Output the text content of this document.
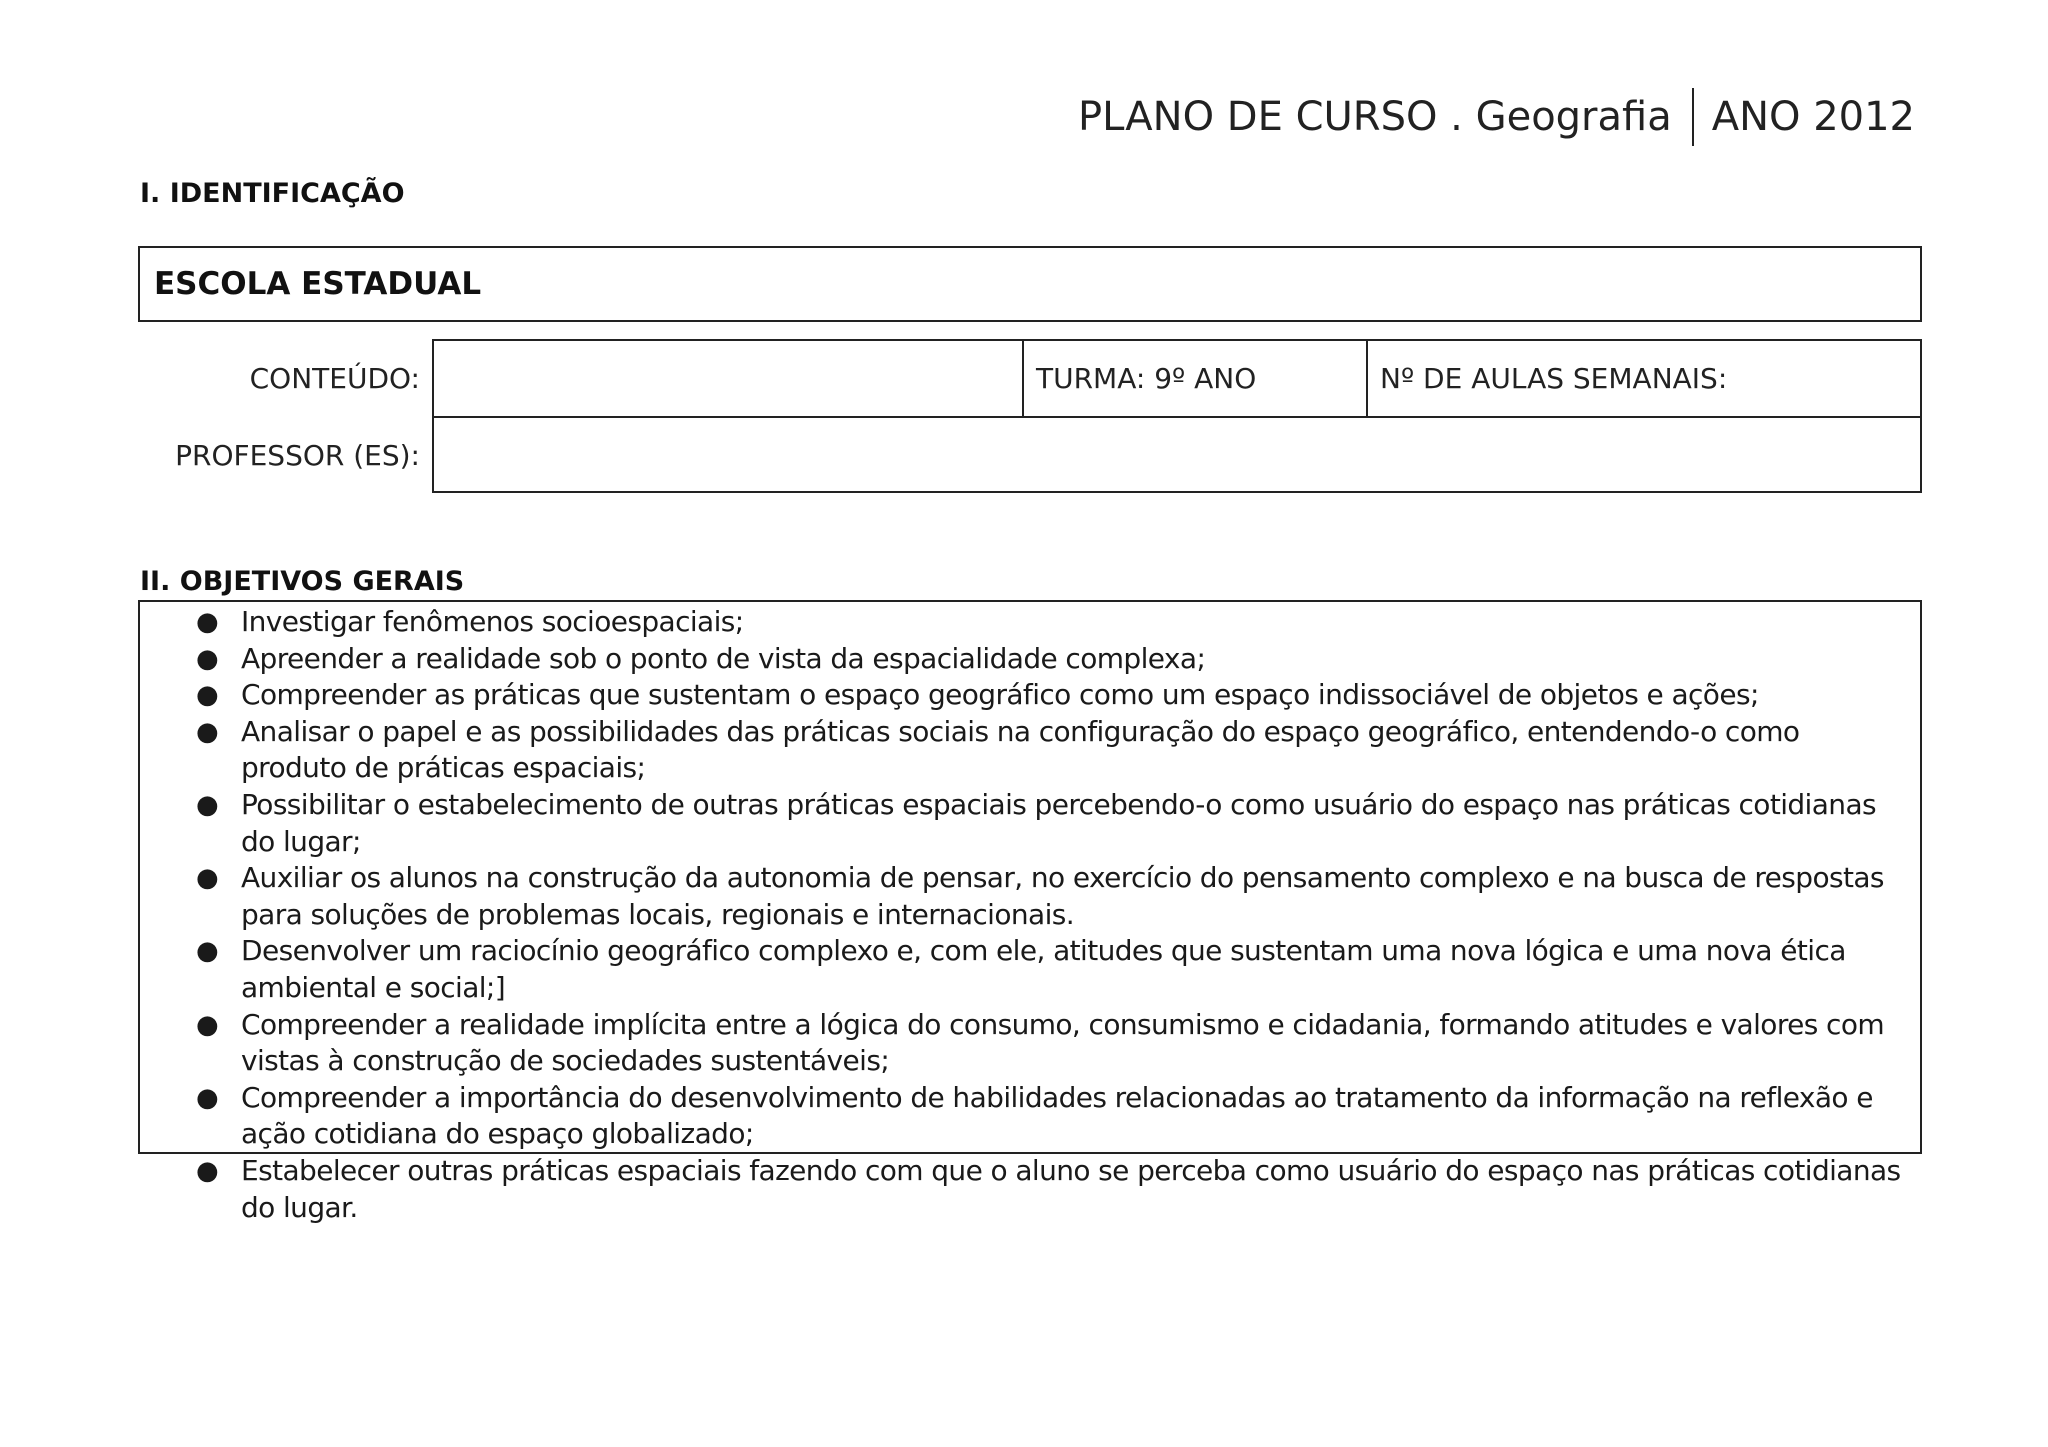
PLANO DE CURSO . Geografia ANO 2012
I. IDENTIFICAÇÃO
ESCOLA ESTADUAL
CONTEÚDO:
PROFESSOR (ES):
TURMA: 9º ANO	Nº DE AULAS SEMANAIS:
II. OBJETIVOS GERAIS
● Investigar fenômenos socioespaciais;
● Apreender a realidade sob o ponto de vista da espacialidade complexa;
● Compreender as práticas que sustentam o espaço geográfico como um espaço indissociável de objetos e ações;
● Analisar o papel e as possibilidades das práticas sociais na configuração do espaço geográfico, entendendo-o como produto de práticas espaciais;
● Possibilitar o estabelecimento de outras práticas espaciais percebendo-o como usuário do espaço nas práticas cotidianas do lugar;
● Auxiliar os alunos na construção da autonomia de pensar, no exercício do pensamento complexo e na busca de respostas para soluções de problemas locais, regionais e internacionais.
● Desenvolver um raciocínio geográfico complexo e, com ele, atitudes que sustentam uma nova lógica e uma nova ética ambiental e social;]
● Compreender a realidade implícita entre a lógica do consumo, consumismo e cidadania, formando atitudes e valores com vistas à construção de sociedades sustentáveis;
● Compreender a importância do desenvolvimento de habilidades relacionadas ao tratamento da informação na reflexão e ação cotidiana do espaço globalizado;
● Estabelecer outras práticas espaciais fazendo com que o aluno se perceba como usuário do espaço nas práticas cotidianas do lugar.
